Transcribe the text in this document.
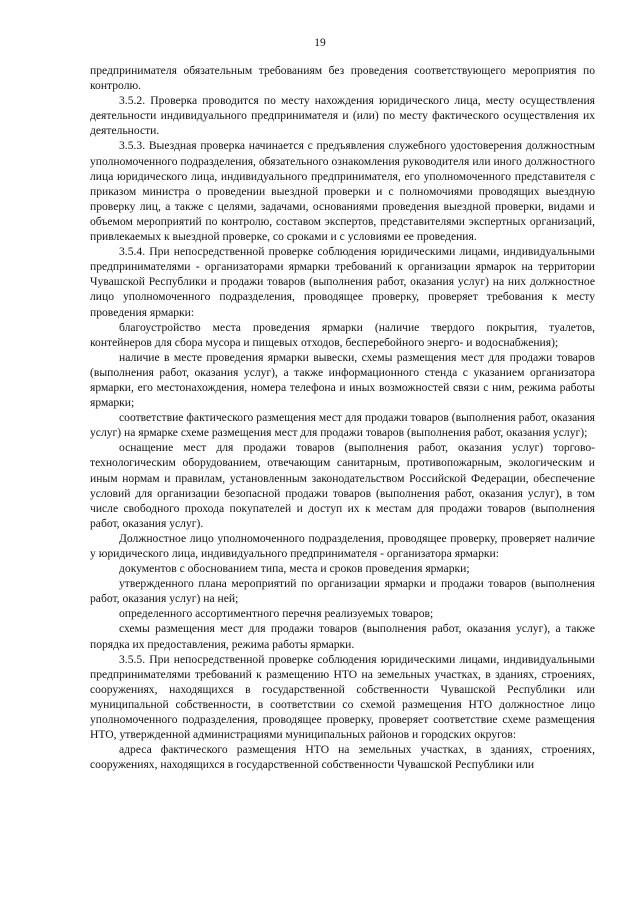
19

предпринимателя обязательным требованиям без проведения соответствующего мероприятия по контролю.

3.5.2. Проверка проводится по месту нахождения юридического лица, месту осуществления деятельности индивидуального предпринимателя и (или) по месту фактического осуществления их деятельности.

3.5.3. Выездная проверка начинается с предъявления служебного удостоверения должностным уполномоченного подразделения, обязательного ознакомления руководителя или иного должностного лица юридического лица, индивидуального предпринимателя, его уполномоченного представителя с приказом министра о проведении выездной проверки и с полномочиями проводящих выездную проверку лиц, а также с целями, задачами, основаниями проведения выездной проверки, видами и объемом мероприятий по контролю, составом экспертов, представителями экспертных организаций, привлекаемых к выездной проверке, со сроками и с условиями ее проведения.

3.5.4. При непосредственной проверке соблюдения юридическими лицами, индивидуальными предпринимателями - организаторами ярмарки требований к организации ярмарок на территории Чувашской Республики и продажи товаров (выполнения работ, оказания услуг) на них должностное лицо уполномоченного подразделения, проводящее проверку, проверяет требования к месту проведения ярмарки:

благоустройство места проведения ярмарки (наличие твердого покрытия, туалетов, контейнеров для сбора мусора и пищевых отходов, бесперебойного энерго- и водоснабжения);

наличие в месте проведения ярмарки вывески, схемы размещения мест для продажи товаров (выполнения работ, оказания услуг), а также информационного стенда с указанием организатора ярмарки, его местонахождения, номера телефона и иных возможностей связи с ним, режима работы ярмарки;

соответствие фактического размещения мест для продажи товаров (выполнения работ, оказания услуг) на ярмарке схеме размещения мест для продажи товаров (выполнения работ, оказания услуг);

оснащение мест для продажи товаров (выполнения работ, оказания услуг) торгово-технологическим оборудованием, отвечающим санитарным, противопожарным, экологическим и иным нормам и правилам, установленным законодательством Российской Федерации, обеспечение условий для организации безопасной продажи товаров (выполнения работ, оказания услуг), в том числе свободного прохода покупателей и доступ их к местам для продажи товаров (выполнения работ, оказания услуг).

Должностное лицо уполномоченного подразделения, проводящее проверку, проверяет наличие у юридического лица, индивидуального предпринимателя - организатора ярмарки:

документов с обоснованием типа, места и сроков проведения ярмарки;

утвержденного плана мероприятий по организации ярмарки и продажи товаров (выполнения работ, оказания услуг) на ней;

определенного ассортиментного перечня реализуемых товаров;

схемы размещения мест для продажи товаров (выполнения работ, оказания услуг), а также порядка их предоставления, режима работы ярмарки.

3.5.5. При непосредственной проверке соблюдения юридическими лицами, индивидуальными предпринимателями требований к размещению НТО на земельных участках, в зданиях, строениях, сооружениях, находящихся в государственной собственности Чувашской Республики или муниципальной собственности, в соответствии со схемой размещения НТО должностное лицо уполномоченного подразделения, проводящее проверку, проверяет соответствие схеме размещения НТО, утвержденной администрациями муниципальных районов и городских округов:

адреса фактического размещения НТО на земельных участках, в зданиях, строениях, сооружениях, находящихся в государственной собственности Чувашской Республики или
